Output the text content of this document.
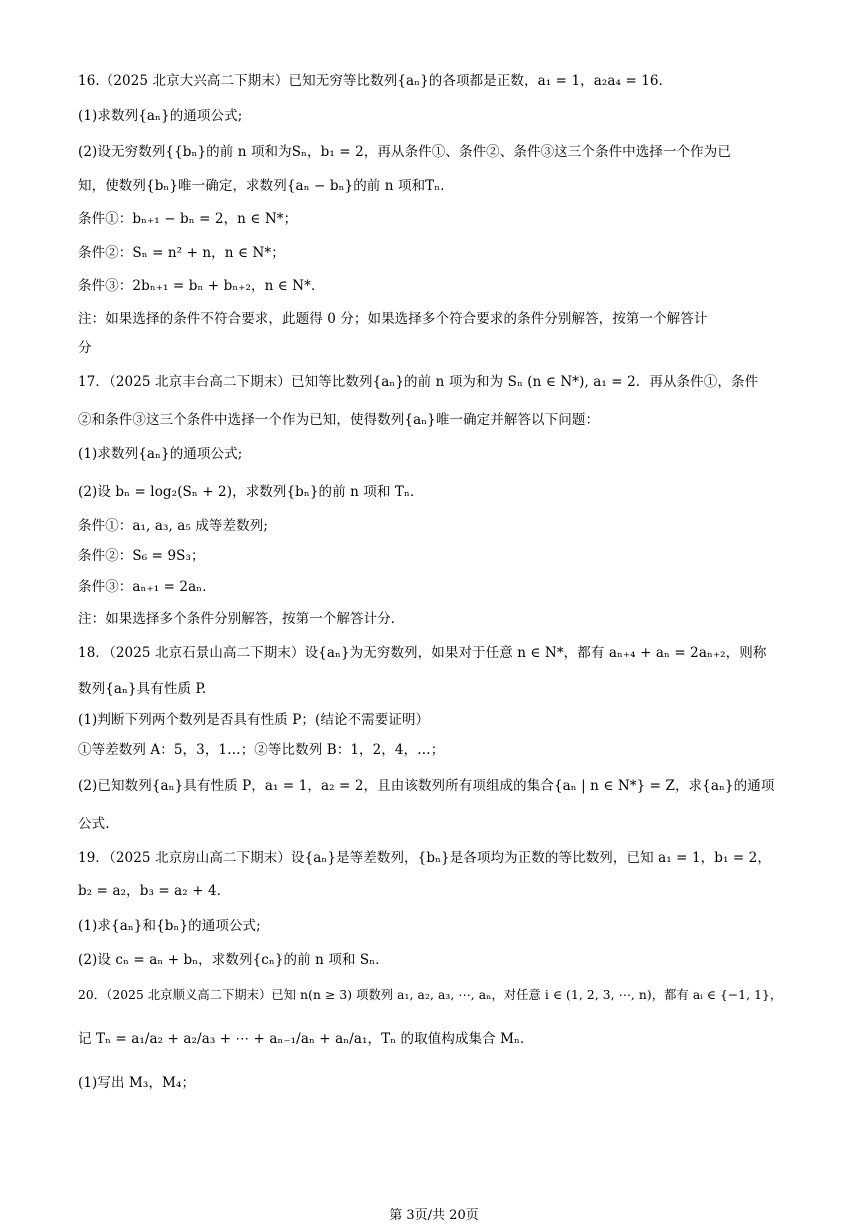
16.（2025 北京大兴高二下期末）已知无穷等比数列{aₙ}的各项都是正数，a₁ = 1，a₂a₄ = 16．
(1)求数列{aₙ}的通项公式;
(2)设无穷数列{{bₙ}的前 n 项和为Sₙ，b₁ = 2，再从条件①、条件②、条件③这三个条件中选择一个作为已
知，使数列{bₙ}唯一确定，求数列{aₙ − bₙ}的前 n 项和Tₙ．
条件①：bₙ₊₁ − bₙ = 2，n ∈ N*；
条件②：Sₙ = n² + n，n ∈ N*；
条件③：2bₙ₊₁ = bₙ + bₙ₊₂，n ∈ N*．
注：如果选择的条件不符合要求，此题得 0 分；如果选择多个符合要求的条件分别解答，按第一个解答计
分
17．（2025 北京丰台高二下期末）已知等比数列{aₙ}的前 n 项为和为 Sₙ (n ∈ N*), a₁ = 2．再从条件①，条件
②和条件③这三个条件中选择一个作为已知，使得数列{aₙ}唯一确定并解答以下问题：
(1)求数列{aₙ}的通项公式;
(2)设 bₙ = log₂(Sₙ + 2)，求数列{bₙ}的前 n 项和 Tₙ．
条件①：a₁, a₃, a₅ 成等差数列;
条件②：S₆ = 9S₃；
条件③：aₙ₊₁ = 2aₙ．
注：如果选择多个条件分别解答，按第一个解答计分．
18．（2025 北京石景山高二下期末）设{aₙ}为无穷数列，如果对于任意 n ∈ N*，都有 aₙ₊₄ + aₙ = 2aₙ₊₂，则称
数列{aₙ}具有性质 P.
(1)判断下列两个数列是否具有性质 P；(结论不需要证明）
①等差数列 A：5，3，1…；②等比数列 B：1，2，4，…；
(2)已知数列{aₙ}具有性质 P，a₁ = 1，a₂ = 2，且由该数列所有项组成的集合{aₙ | n ∈ N*} = Z，求{aₙ}的通项
公式.
19．（2025 北京房山高二下期末）设{aₙ}是等差数列，{bₙ}是各项均为正数的等比数列，已知 a₁ = 1，b₁ = 2，
b₂ = a₂，b₃ = a₂ + 4．
(1)求{aₙ}和{bₙ}的通项公式;
(2)设 cₙ = aₙ + bₙ，求数列{cₙ}的前 n 项和 Sₙ．
20．（2025 北京顺义高二下期末）已知 n(n ≥ 3) 项数列 a₁, a₂, a₃, ⋯, aₙ，对任意 i ∈ (1, 2, 3, ⋯, n)，都有 aᵢ ∈ {−1, 1}，
记 Tₙ = a₁/a₂ + a₂/a₃ + ⋯ + aₙ₋₁/aₙ + aₙ/a₁，Tₙ 的取值构成集合 Mₙ．
(1)写出 M₃，M₄；
第 3页/共 20页
